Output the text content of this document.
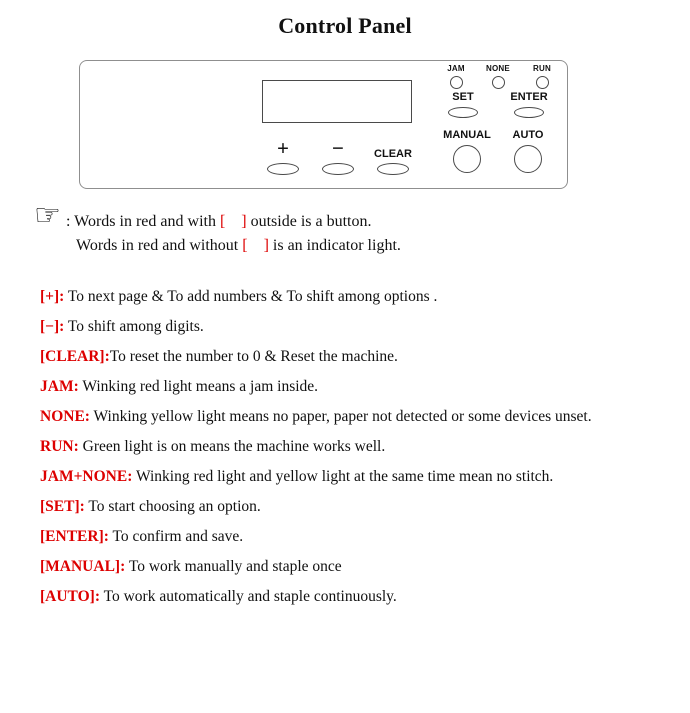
Control Panel
JAM	NONE	RUN
SET	ENTER
MANUAL	AUTO
+	−	CLEAR
☞ : Words in red and with [    ] outside is a button.

Words in red and without [    ] is an indicator light.

[+]: To next page & To add numbers & To shift among options .

[−]: To shift among digits.

[CLEAR]:To reset the number to 0 & Reset the machine.

JAM: Winking red light means a jam inside.

NONE: Winking yellow light means no paper, paper not detected or some devices unset.

RUN: Green light is on means the machine works well.

JAM+NONE: Winking red light and yellow light at the same time mean no stitch.

[SET]: To start choosing an option.

[ENTER]: To confirm and save.

[MANUAL]: To work manually and staple once

[AUTO]: To work automatically and staple continuously.
